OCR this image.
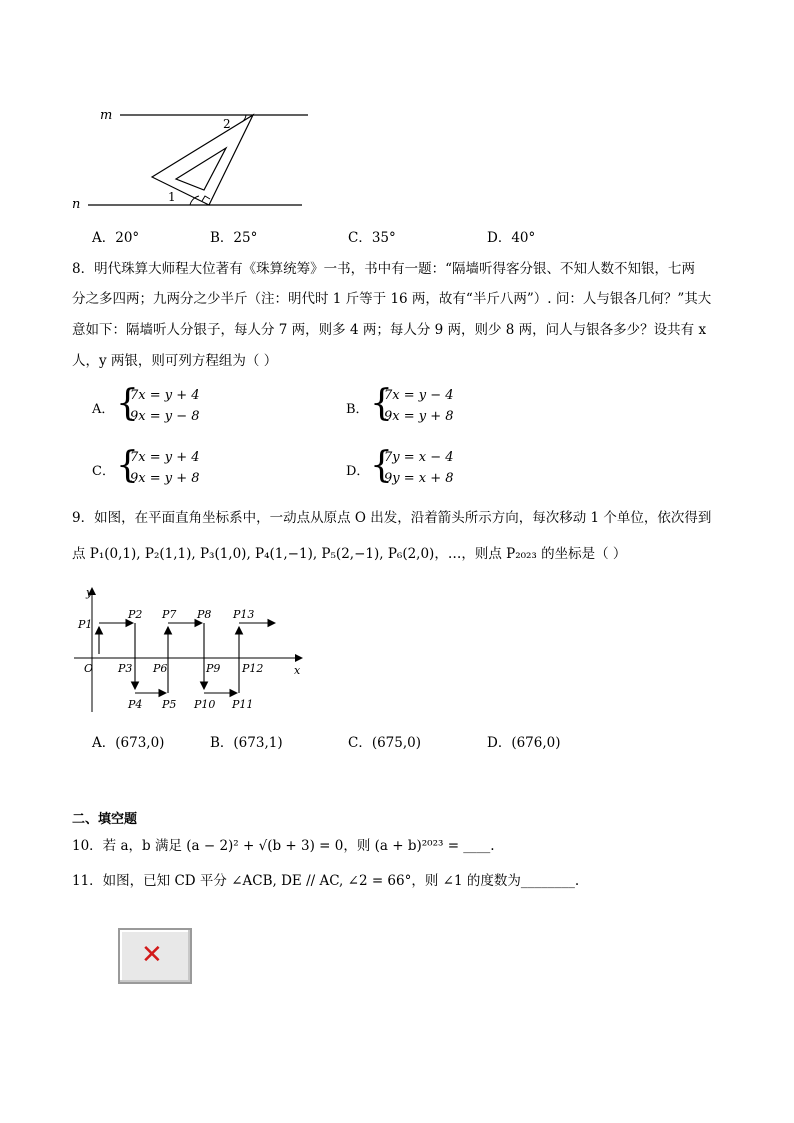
m
n
2
1
A．20°	B．25°	C．35°	D．40°
8．明代珠算大师程大位著有《珠算统筹》一书，书中有一题：“隔墙听得客分银、不知人数不知银，七两
分之多四两；九两分之少半斤（注：明代时 1 斤等于 16 两，故有“半斤八两”）. 问：人与银各几何？”其大
意如下：隔墙听人分银子，每人分 7 两，则多 4 两；每人分 9 两，则少 8 两，问人与银各多少？设共有 x
人，y 两银，则可列方程组为（ ）
A． {
7x = y + 4
9x = y − 8	B． {
7x = y − 4
9x = y + 8
C． {
7x = y + 4
9x = y + 8	D． {
7y = x − 4
9y = x + 8
9．如图，在平面直角坐标系中，一动点从原点 O 出发，沿着箭头所示方向，每次移动 1 个单位，依次得到
点 P₁(0,1), P₂(1,1), P₃(1,0), P₄(1,−1), P₅(2,−1), P₆(2,0)，…，则点 P₂₀₂₃ 的坐标是（ ）
y
x
O
P1
P2
P3
P4 P5
P6
P7 P8
P9
P10 P11
P12
P13
A．(673,0)	B．(673,1)	C．(675,0)	D．(676,0)
二、填空题
10．若 a，b 满足 (a − 2)² + √(b + 3) = 0，则 (a + b)²⁰²³ = ____.
11．如图，已知 CD 平分 ∠ACB, DE // AC, ∠2 = 66°，则 ∠1 的度数为________.
✕
